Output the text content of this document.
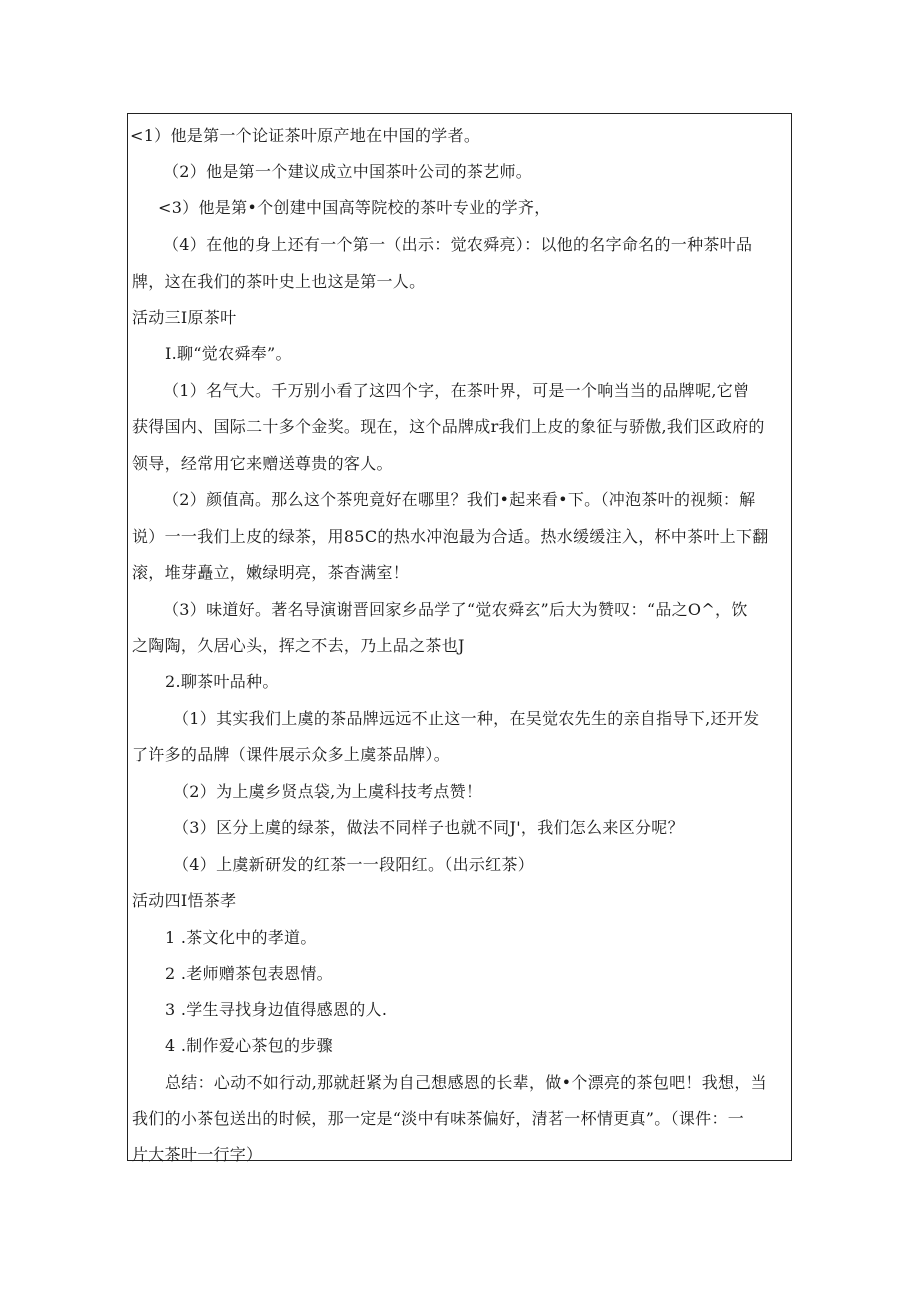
<1）他是第一个论证茶叶原产地在中国的学者。
（2）他是第一个建议成立中国茶叶公司的茶艺师。
<3）他是第•个创建中国高等院校的茶叶专业的学齐，
（4）在他的身上还有一个第一（出示：觉农舜亮）：以他的名字命名的一种茶叶品
牌，这在我们的茶叶史上也这是第一人。
活动三I原茶叶
I.聊“觉农舜奉”。
（1）名气大。千万别小看了这四个字，在茶叶界，可是一个响当当的品牌呢,它曾
获得国内、国际二十多个金奖。现在，这个品牌成r我们上皮的象征与骄傲,我们区政府的
领导，经常用它来赠送尊贵的客人。
（2）颜值高。那么这个茶兜竟好在哪里？我们•起来看•下。（冲泡茶叶的视频：解
说）一一我们上皮的绿茶，用85C的热水冲泡最为合适。热水缓缓注入，杯中茶叶上下翻
滚，堆芽矗立，嫩绿明亮，茶杳满室！
（3）味道好。著名导演谢晋回家乡品学了“觉农舜玄”后大为赞叹：“品之O^，饮
之陶陶，久居心头，挥之不去，乃上品之茶也J
2.聊茶叶品种。
（1）其实我们上虞的茶品牌远远不止这一种，在吴觉农先生的亲自指导下,还开发
了许多的品牌（课件展示众多上虞茶品牌）。
（2）为上虞乡贤点袋,为上虞科技考点赞！
（3）区分上虞的绿茶，做法不同样子也就不同J'，我们怎么来区分呢？
（4）上虞新研发的红茶一一段阳红。（出示红茶）
活动四I悟茶孝
1 .茶文化中的孝道。
2 .老师赠茶包表恩情。
3 .学生寻找身边值得感恩的人.
4 .制作爱心茶包的步骤
总结：心动不如行动,那就赶紧为自己想感恩的长辈，做•个漂亮的茶包吧！我想，当
我们的小茶包送出的时候，那一定是“淡中有味茶偏好，清茗一杯情更真”。（课件：一
片大茶叶一行字）
